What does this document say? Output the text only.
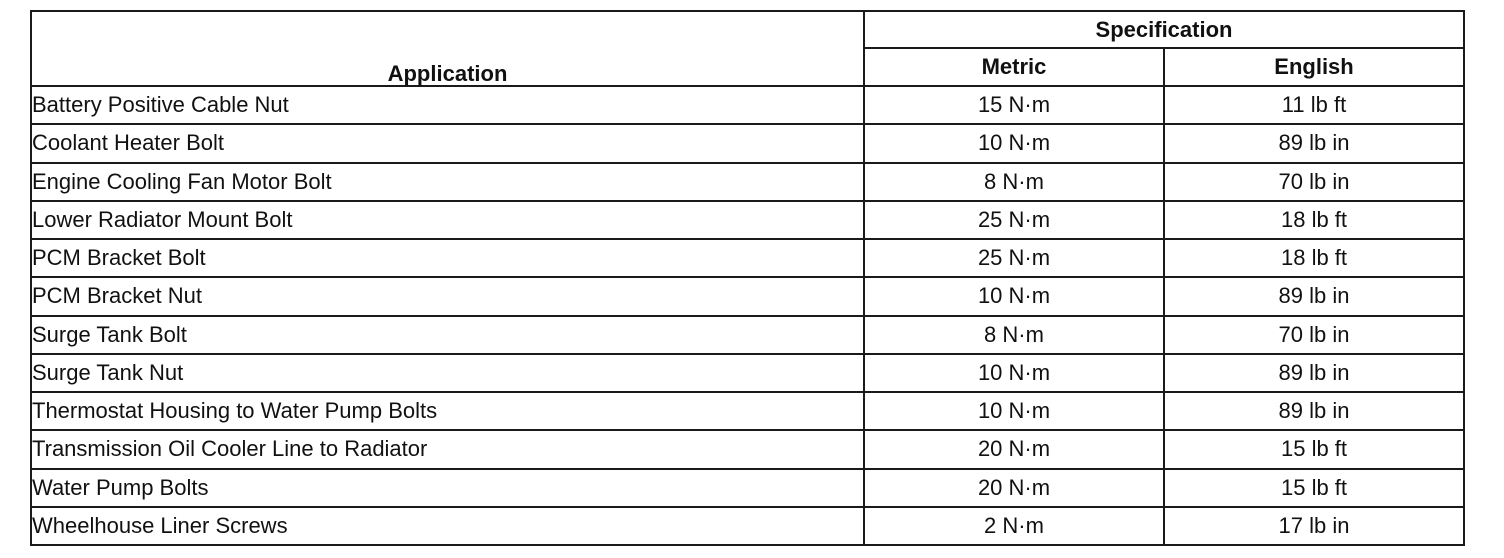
Application	Specification	
	Metric	English
Battery Positive Cable Nut	15 N·m	11 lb ft
Coolant Heater Bolt	10 N·m	89 lb in
Engine Cooling Fan Motor Bolt	8 N·m	70 lb in
Lower Radiator Mount Bolt	25 N·m	18 lb ft
PCM Bracket Bolt	25 N·m	18 lb ft
PCM Bracket Nut	10 N·m	89 lb in
Surge Tank Bolt	8 N·m	70 lb in
Surge Tank Nut	10 N·m	89 lb in
Thermostat Housing to Water Pump Bolts	10 N·m	89 lb in
Transmission Oil Cooler Line to Radiator	20 N·m	15 lb ft
Water Pump Bolts	20 N·m	15 lb ft
Wheelhouse Liner Screws	2 N·m	17 lb in
